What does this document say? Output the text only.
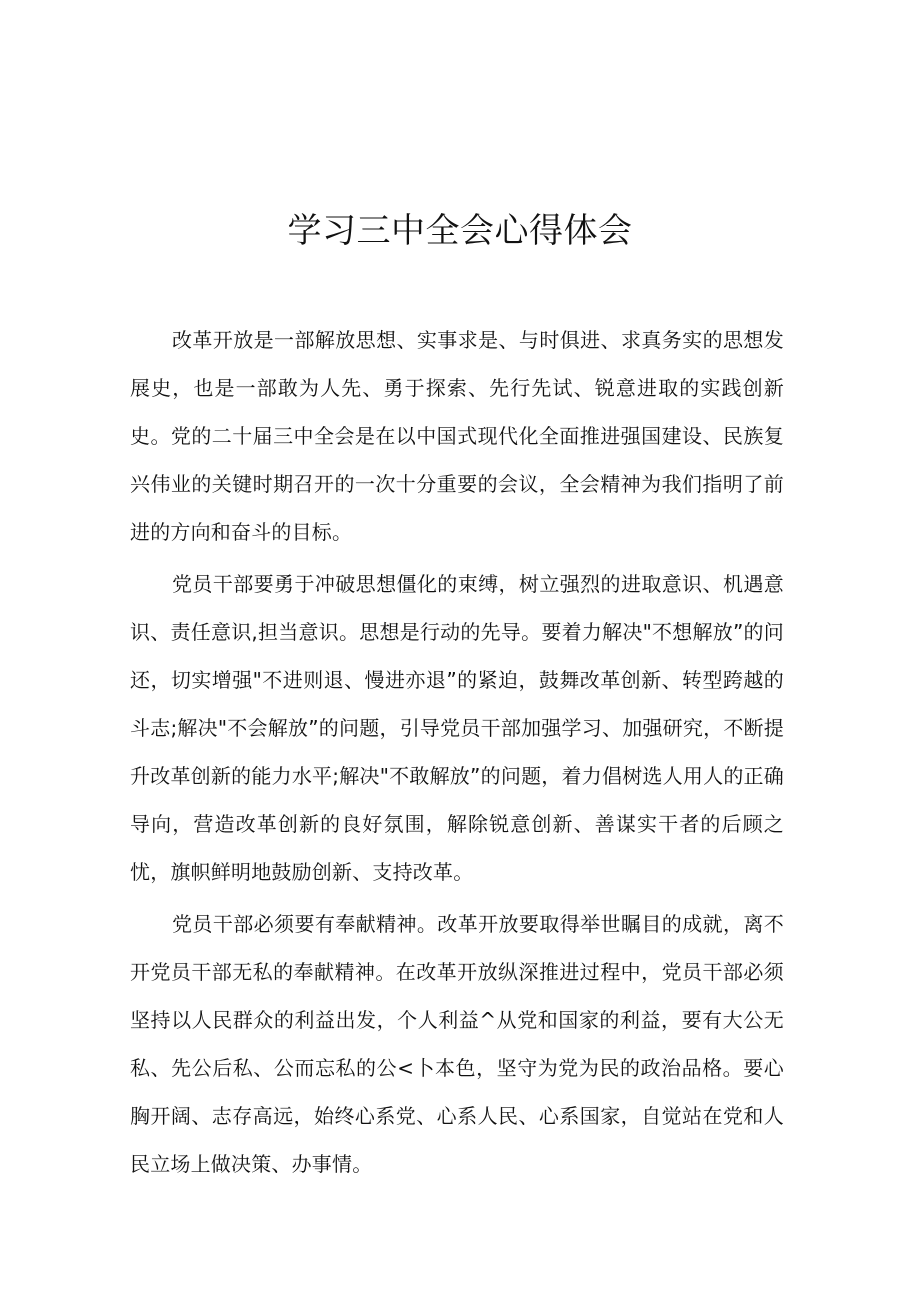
学习三中全会心得体会

改革开放是一部解放思想、实事求是、与时俱进、求真务实的思想发展史，也是一部敢为人先、勇于探索、先行先试、锐意进取的实践创新史。党的二十届三中全会是在以中国式现代化全面推进强国建设、民族复兴伟业的关键时期召开的一次十分重要的会议，全会精神为我们指明了前进的方向和奋斗的目标。

党员干部要勇于冲破思想僵化的束缚，树立强烈的进取意识、机遇意识、责任意识,担当意识。思想是行动的先导。要着力解决"不想解放”的问还，切实增强"不进则退、慢进亦退”的紧迫，鼓舞改革创新、转型跨越的斗志;解决"不会解放”的问题，引导党员干部加强学习、加强研究，不断提升改革创新的能力水平;解决"不敢解放”的问题，着力倡树选人用人的正确导向，营造改革创新的良好氛围，解除锐意创新、善谋实干者的后顾之忧，旗帜鲜明地鼓励创新、支持改革。

党员干部必须要有奉献精神。改革开放要取得举世瞩目的成就，离不开党员干部无私的奉献精神。在改革开放纵深推进过程中，党员干部必须坚持以人民群众的利益出发，个人利益^从党和国家的利益，要有大公无私、先公后私、公而忘私的公<卜本色，坚守为党为民的政治品格。要心胸开阔、志存高远，始终心系党、心系人民、心系国家，自觉站在党和人民立场上做决策、办事情。
